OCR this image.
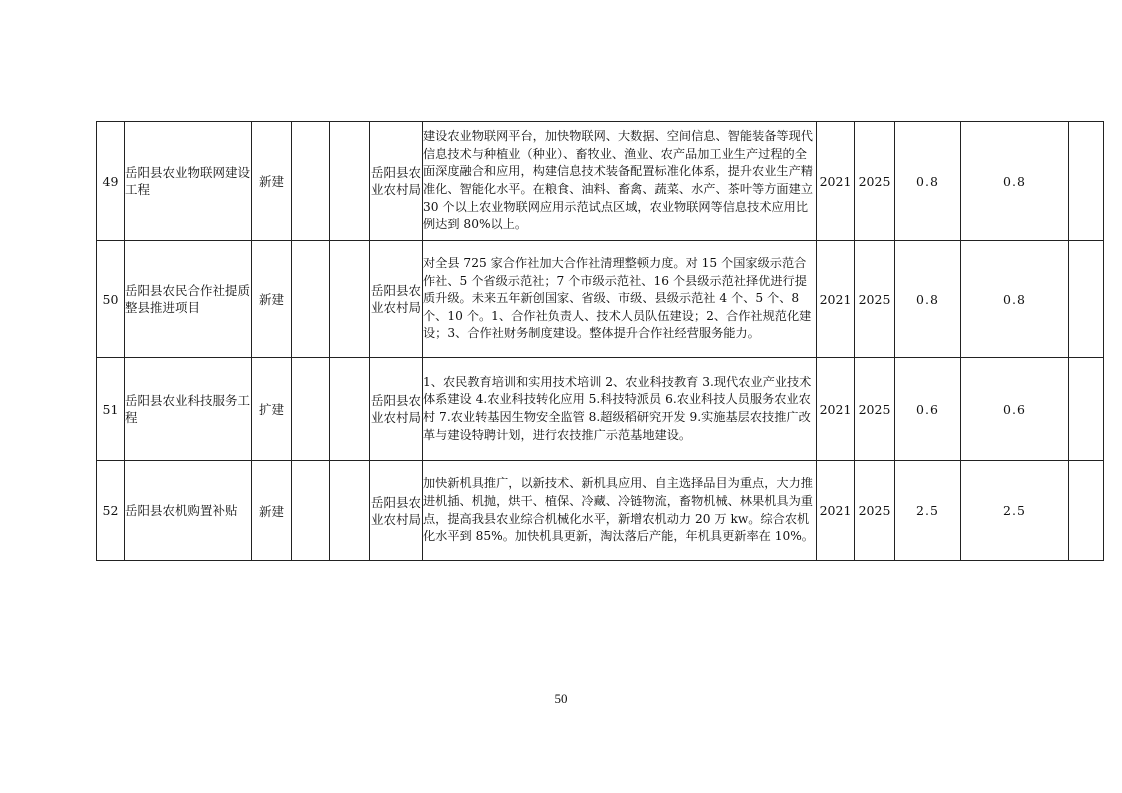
49	岳阳县农业物联网建设工程	新建			岳阳县农业农村局	建设农业物联网平台，加快物联网、大数据、空间信息、智能装备等现代信息技术与种植业（种业）、畜牧业、渔业、农产品加工业生产过程的全面深度融合和应用，构建信息技术装备配置标准化体系，提升农业生产精准化、智能化水平。在粮食、油料、畜禽、蔬菜、水产、茶叶等方面建立 30 个以上农业物联网应用示范试点区域，农业物联网等信息技术应用比例达到 80%以上。	2021	2025	0.8	0.8	
50	岳阳县农民合作社提质整县推进项目	新建			岳阳县农业农村局	对全县 725 家合作社加大合作社清理整顿力度。对 15 个国家级示范合作社、5 个省级示范社；7 个市级示范社、16 个县级示范社择优进行提质升级。未来五年新创国家、省级、市级、县级示范社 4 个、5 个、8 个、10 个。1、合作社负责人、技术人员队伍建设；2、合作社规范化建设；3、合作社财务制度建设。整体提升合作社经营服务能力。	2021	2025	0.8	0.8	
51	岳阳县农业科技服务工程	扩建			岳阳县农业农村局	1、农民教育培训和实用技术培训 2、农业科技教育 3.现代农业产业技术体系建设 4.农业科技转化应用 5.科技特派员 6.农业科技人员服务农业农村 7.农业转基因生物安全监管 8.超级稻研究开发 9.实施基层农技推广改革与建设特聘计划，进行农技推广示范基地建设。	2021	2025	0.6	0.6	
52	岳阳县农机购置补贴	新建			岳阳县农业农村局	加快新机具推广，以新技术、新机具应用、自主选择品目为重点，大力推进机插、机抛，烘干、植保、冷藏、冷链物流，畜物机械、林果机具为重点，提高我县农业综合机械化水平，新增农机动力 20 万 kw。综合农机化水平到 85%。加快机具更新，淘汰落后产能，年机具更新率在 10%。	2021	2025	2.5	2.5	
50
